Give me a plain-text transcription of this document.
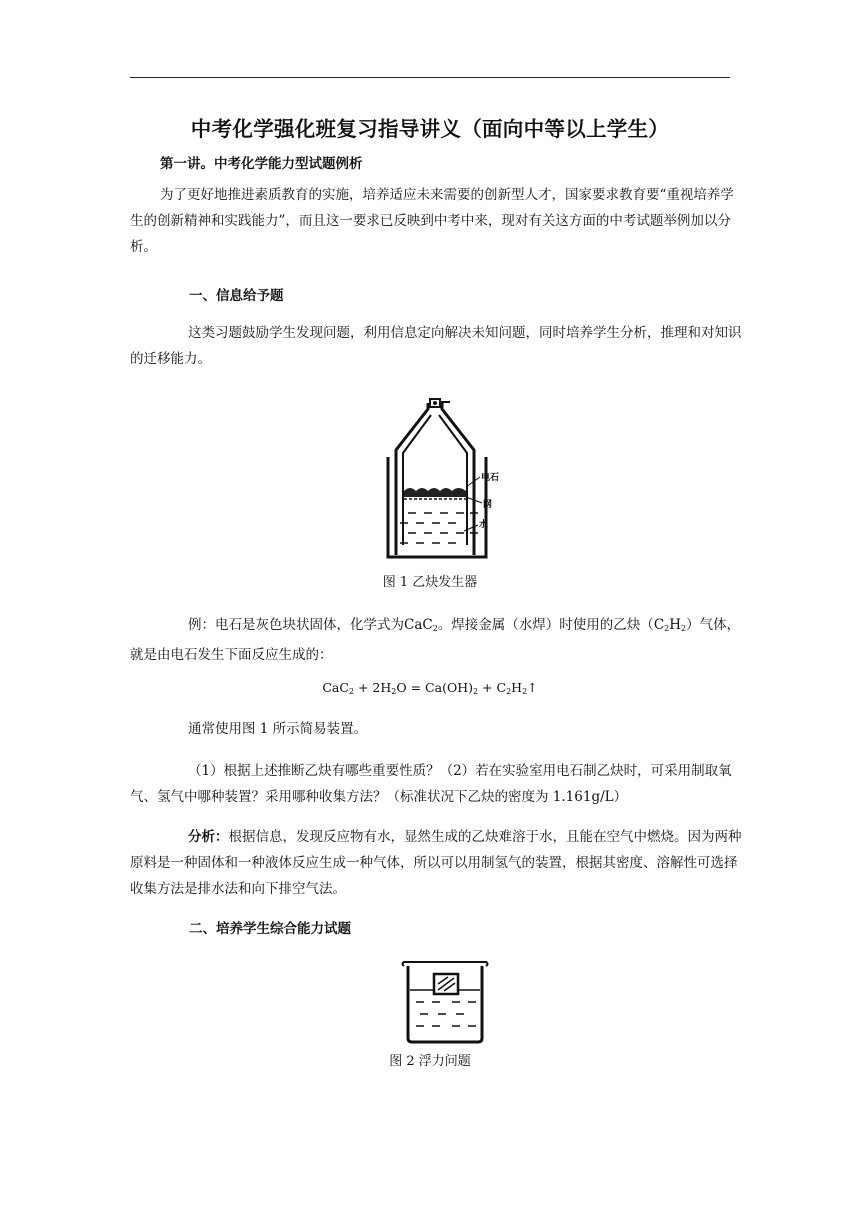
中考化学强化班复习指导讲义（面向中等以上学生）
第一讲。中考化学能力型试题例析
为了更好地推进素质教育的实施，培养适应未来需要的创新型人才，国家要求教育要“重视培养学生的创新精神和实践能力”，而且这一要求已反映到中考中来，现对有关这方面的中考试题举例加以分析。
一、信息给予题
这类习题鼓励学生发现问题，利用信息定向解决未知问题，同时培养学生分析，推理和对知识的迁移能力。
电石
网
水
图 1 乙炔发生器
例：电石是灰色块状固体，化学式为CaC$_2$。焊接金属（水焊）时使用的乙炔$(C_2H_2)$气体，就是由电石发生下面反应生成的：
$CaC_2 + 2H_2O = Ca(OH)_2$ + $C_2H_2↑$
通常使用图 1 所示简易装置。
（1）根据上述推断乙炔有哪些重要性质？（2）若在实验室用电石制乙炔时，可采用制取氧气、氢气中哪种装置？采用哪种收集方法？（标准状况下乙炔的密度为 1.161g/L）
分析：根据信息，发现反应物有水，显然生成的乙炔难溶于水，且能在空气中燃烧。因为两种原料是一种固体和一种液体反应生成一种气体，所以可以用制氢气的装置，根据其密度、溶解性可选择收集方法是排水法和向下排空气法。
二、培养学生综合能力试题
图 2 浮力问题
